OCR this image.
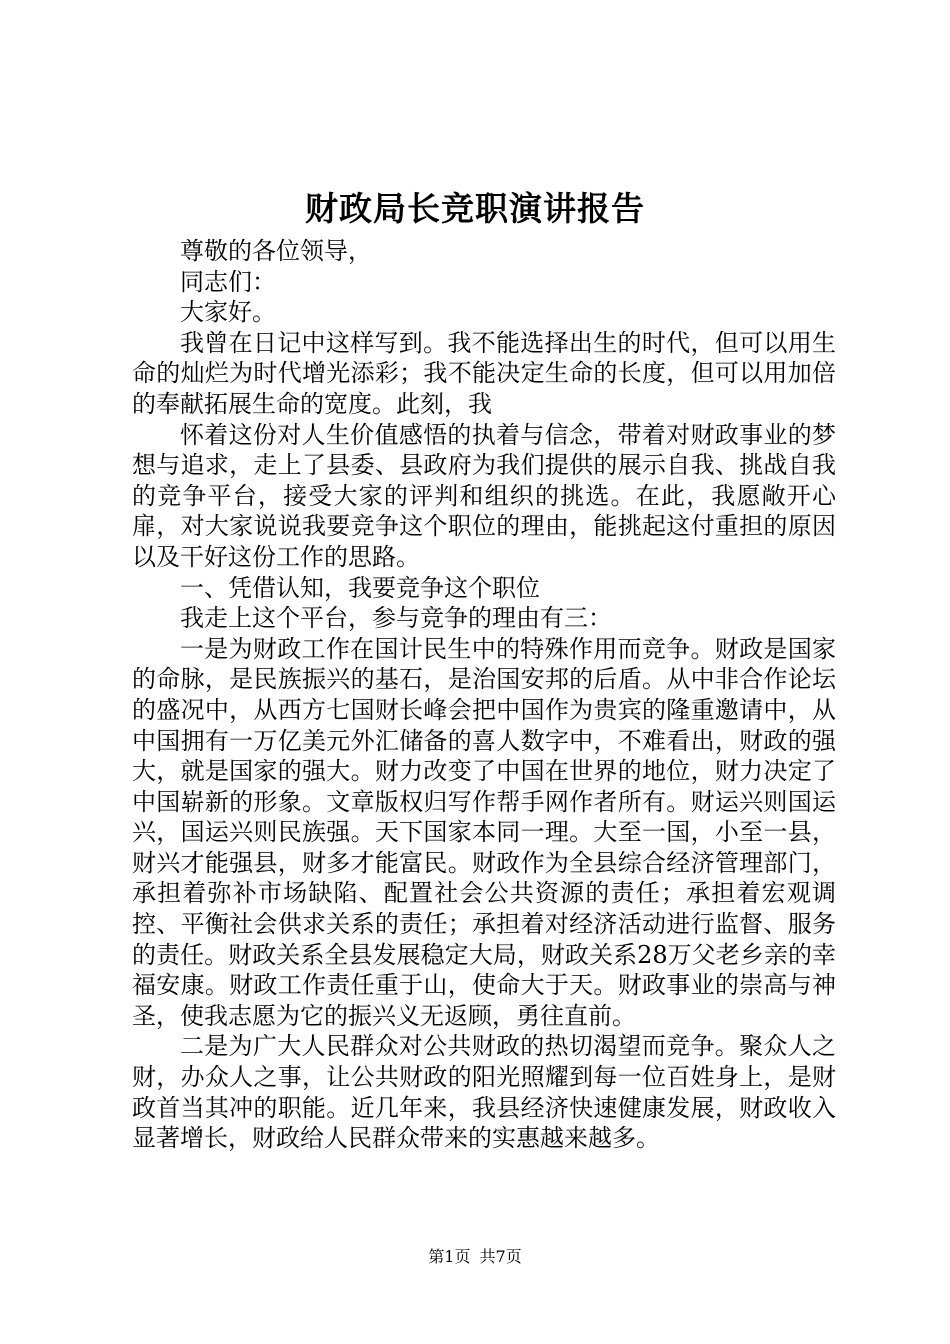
财政局长竞职演讲报告

尊敬的各位领导，

同志们：

大家好。

我曾在日记中这样写到。我不能选择出生的时代，但可以用生命的灿烂为时代增光添彩；我不能决定生命的长度，但可以用加倍的奉献拓展生命的宽度。此刻，我

怀着这份对人生价值感悟的执着与信念，带着对财政事业的梦想与追求，走上了县委、县政府为我们提供的展示自我、挑战自我的竞争平台，接受大家的评判和组织的挑选。在此，我愿敞开心扉，对大家说说我要竞争这个职位的理由，能挑起这付重担的原因以及干好这份工作的思路。

一、凭借认知，我要竞争这个职位

我走上这个平台，参与竞争的理由有三：

一是为财政工作在国计民生中的特殊作用而竞争。财政是国家的命脉，是民族振兴的基石，是治国安邦的后盾。从中非合作论坛的盛况中，从西方七国财长峰会把中国作为贵宾的隆重邀请中，从中国拥有一万亿美元外汇储备的喜人数字中，不难看出，财政的强大，就是国家的强大。财力改变了中国在世界的地位，财力决定了中国崭新的形象。文章版权归写作帮手网作者所有。财运兴则国运兴，国运兴则民族强。天下国家本同一理。大至一国，小至一县，财兴才能强县，财多才能富民。财政作为全县综合经济管理部门，承担着弥补市场缺陷、配置社会公共资源的责任；承担着宏观调控、平衡社会供求关系的责任；承担着对经济活动进行监督、服务的责任。财政关系全县发展稳定大局，财政关系28万父老乡亲的幸福安康。财政工作责任重于山，使命大于天。财政事业的崇高与神圣，使我志愿为它的振兴义无返顾，勇往直前。

二是为广大人民群众对公共财政的热切渴望而竞争。聚众人之财，办众人之事，让公共财政的阳光照耀到每一位百姓身上，是财政首当其冲的职能。近几年来，我县经济快速健康发展，财政收入显著增长，财政给人民群众带来的实惠越来越多。

第1页 共7页
